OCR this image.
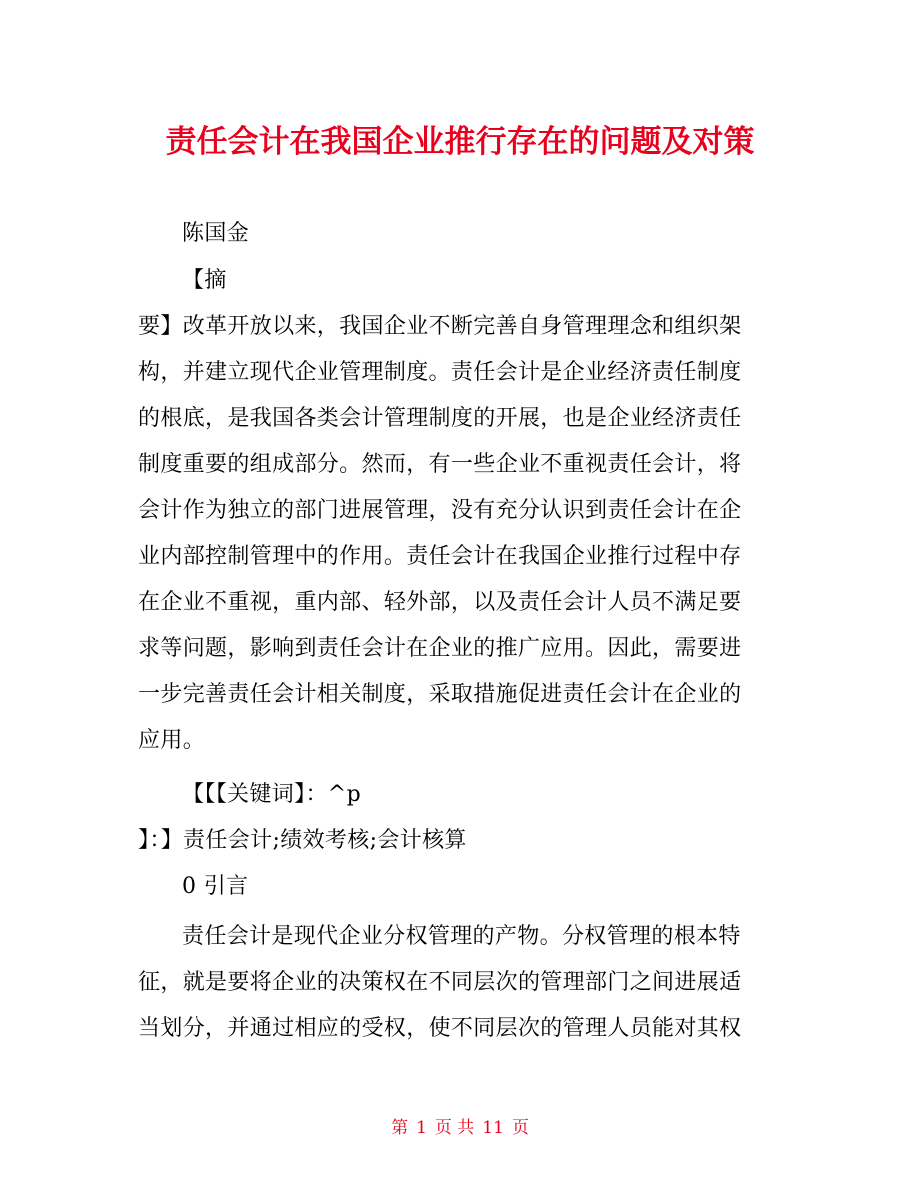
责任会计在我国企业推行存在的问题及对策
陈国金
【摘
要】改革开放以来，我国企业不断完善自身管理理念和组织架
构，并建立现代企业管理制度。责任会计是企业经济责任制度
的根底，是我国各类会计管理制度的开展，也是企业经济责任
制度重要的组成部分。然而，有一些企业不重视责任会计，将
会计作为独立的部门进展管理，没有充分认识到责任会计在企
业内部控制管理中的作用。责任会计在我国企业推行过程中存
在企业不重视，重内部、轻外部，以及责任会计人员不满足要
求等问题，影响到责任会计在企业的推广应用。因此，需要进
一步完善责任会计相关制度，采取措施促进责任会计在企业的
应用。
【【【关键词】：^p
】：】责任会计;绩效考核;会计核算
0 引言
责任会计是现代企业分权管理的产物。分权管理的根本特
征，就是要将企业的决策权在不同层次的管理部门之间进展适
当划分，并通过相应的受权，使不同层次的管理人员能对其权
第 1 页 共 11 页
